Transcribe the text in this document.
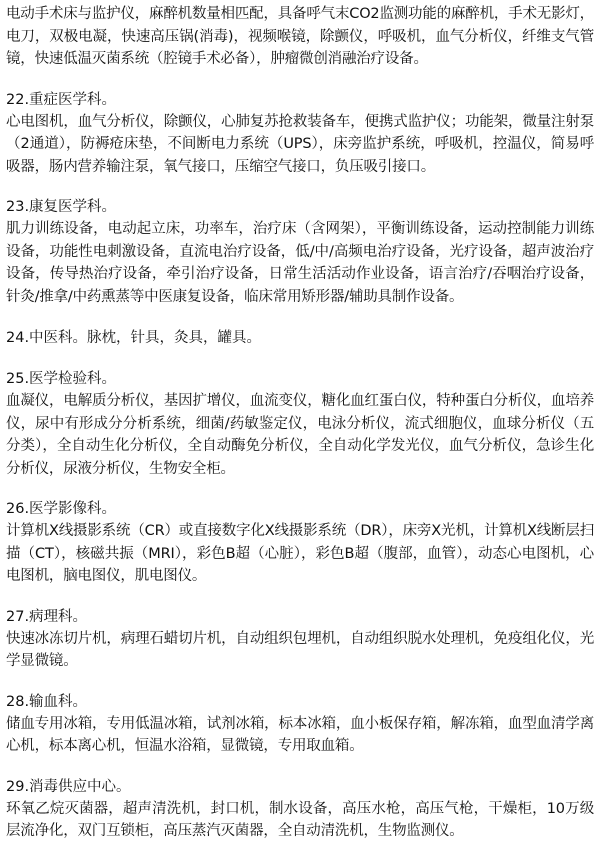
电动手术床与监护仪，麻醉机数量相匹配，具备呼气末CO2监测功能的麻醉机，手术无影灯，电刀，双极电凝，快速高压锅(消毒)，视频喉镜，除颤仪，呼吸机，血气分析仪，纤维支气管镜，快速低温灭菌系统（腔镜手术必备），肿瘤微创消融治疗设备。

22.重症医学科。

心电图机，血气分析仪，除颤仪，心肺复苏抢救装备车，便携式监护仪；功能架，微量注射泵（2通道），防褥疮床垫，不间断电力系统（UPS），床旁监护系统，呼吸机，控温仪，简易呼吸器，肠内营养输注泵，氧气接口，压缩空气接口，负压吸引接口。

23.康复医学科。

肌力训练设备，电动起立床，功率车，治疗床（含网架），平衡训练设备，运动控制能力训练设备，功能性电刺激设备，直流电治疗设备，低/中/高频电治疗设备，光疗设备，超声波治疗设备，传导热治疗设备，牵引治疗设备，日常生活活动作业设备，语言治疗/吞咽治疗设备，针灸/推拿/中药熏蒸等中医康复设备，临床常用矫形器/辅助具制作设备。

24.中医科。脉枕，针具，灸具，罐具。

25.医学检验科。

血凝仪，电解质分析仪，基因扩增仪，血流变仪，糖化血红蛋白仪，特种蛋白分析仪，血培养仪，尿中有形成分分析系统，细菌/药敏鉴定仪，电泳分析仪，流式细胞仪，血球分析仪（五分类），全自动生化分析仪，全自动酶免分析仪，全自动化学发光仪，血气分析仪，急诊生化分析仪，尿液分析仪，生物安全柜。

26.医学影像科。

计算机X线摄影系统（CR）或直接数字化X线摄影系统（DR），床旁X光机，计算机X线断层扫描（CT），核磁共振（MRI），彩色B超（心脏），彩色B超（腹部，血管），动态心电图机，心电图机，脑电图仪，肌电图仪。

27.病理科。

快速冰冻切片机，病理石蜡切片机，自动组织包埋机，自动组织脱水处理机，免疫组化仪，光学显微镜。

28.输血科。

储血专用冰箱，专用低温冰箱，试剂冰箱，标本冰箱，血小板保存箱，解冻箱，血型血清学离心机，标本离心机，恒温水浴箱，显微镜，专用取血箱。

29.消毒供应中心。

环氧乙烷灭菌器，超声清洗机，封口机，制水设备，高压水枪，高压气枪，干燥柜，10万级层流净化，双门互锁柜，高压蒸汽灭菌器，全自动清洗机，生物监测仪。
